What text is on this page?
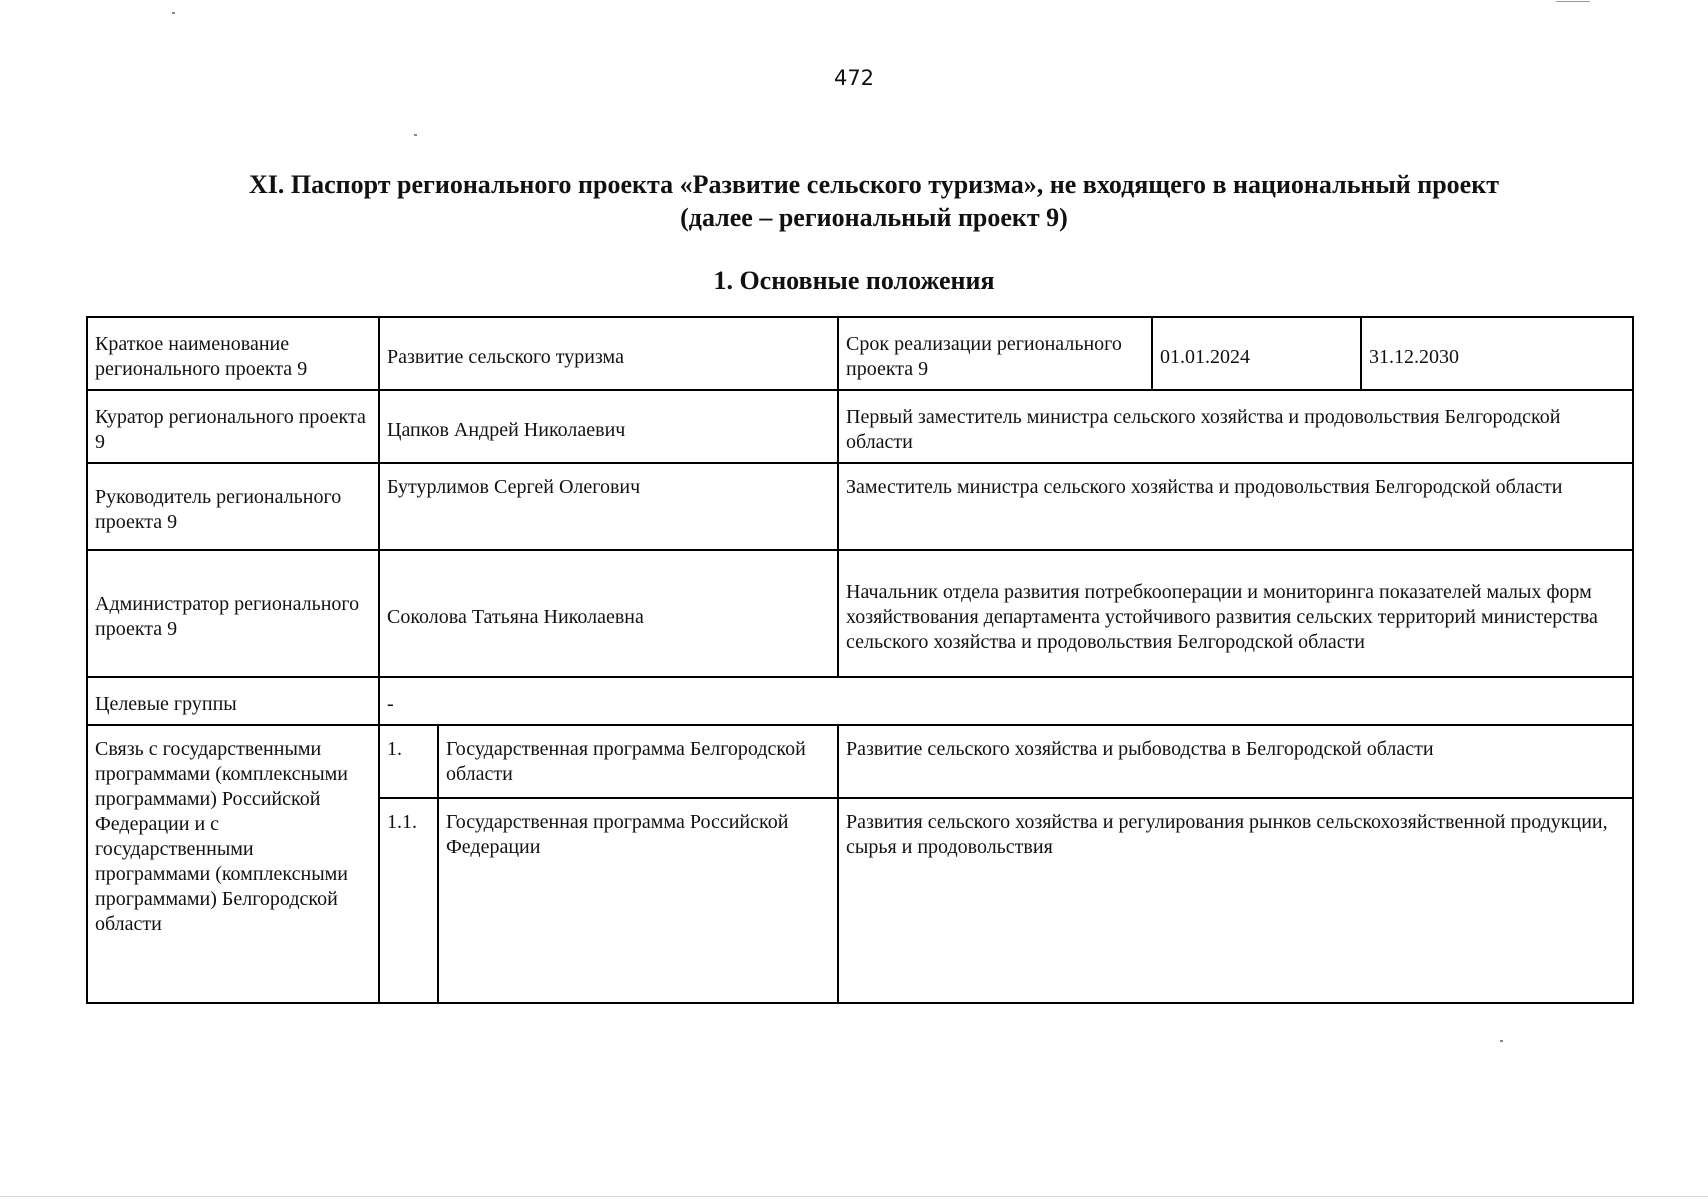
472
XI. Паспорт регионального проекта «Развитие сельского туризма», не входящего в национальный проект
(далее – региональный проект 9)
1. Основные положения
Краткое наименование регионального проекта 9	Развитие сельского туризма		Срок реализации регионального проекта 9	01.01.2024	31.12.2030
Куратор регионального проекта 9	Цапков Андрей Николаевич		Первый заместитель министра сельского хозяйства и продовольствия Белгородской области		
Руководитель регионального проекта 9	Бутурлимов Сергей Олегович		Заместитель министра сельского хозяйства и продовольствия Белгородской области		
Администратор регионального проекта 9	Соколова Татьяна Николаевна		Начальник отдела развития потребкооперации и мониторинга показателей малых форм хозяйствования департамента устойчивого развития сельских территорий министерства сельского хозяйства и продовольствия Белгородской области		
Целевые группы	-				
Связь с государственными программами (комплексными программами) Российской Федерации и с государственными программами (комплексными программами) Белгородской области	1.	Государственная программа Белгородской области	Развитие сельского хозяйства и рыбоводства в Белгородской области		
	1.1.	Государственная программа Российской Федерации	Развития сельского хозяйства и регулирования рынков сельскохозяйственной продукции, сырья и продовольствия		
